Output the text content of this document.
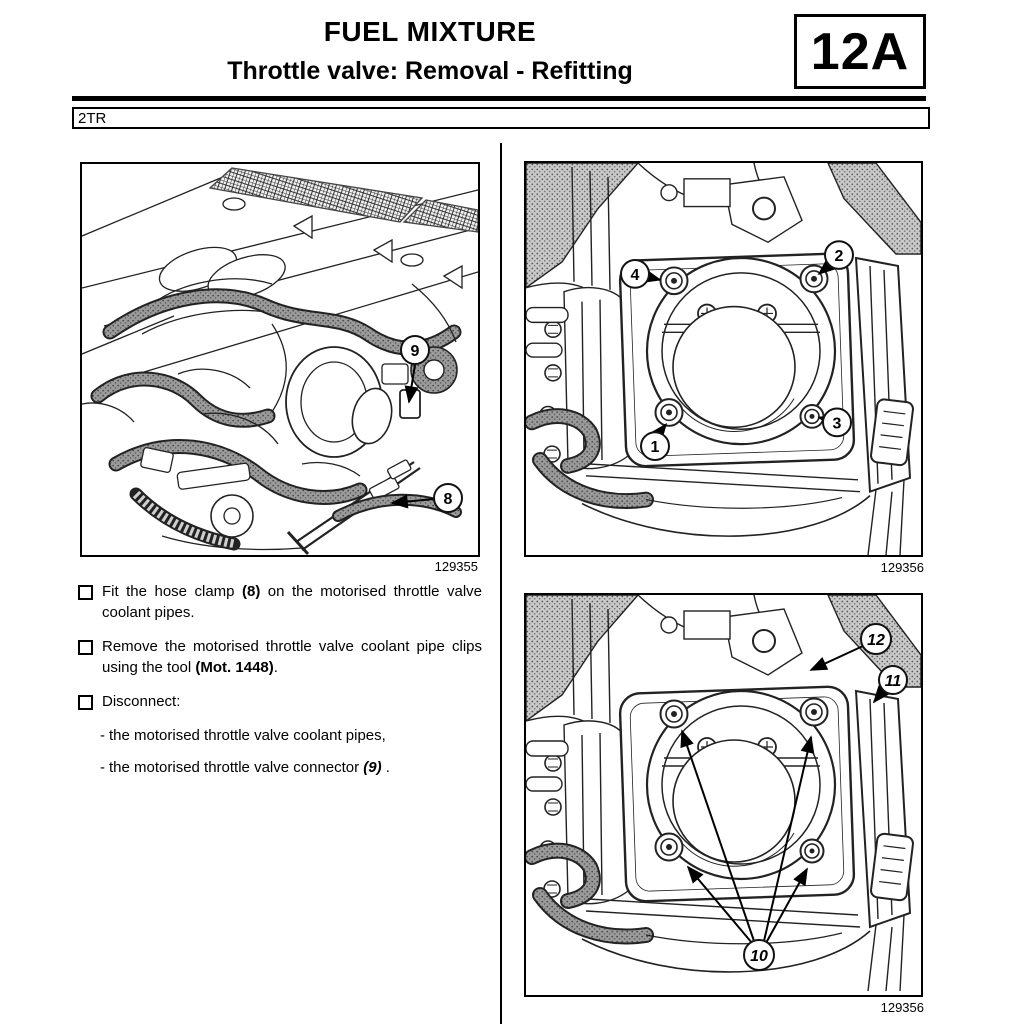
FUEL MIXTURE
Throttle valve: Removal - Refitting	12A
2TR
9
8
129355
4
2
3
1
129356
12
11
10
129356
Fit the hose clamp (8) on the motorised throttle valve coolant pipes.
Remove the motorised throttle valve coolant pipe clips using the tool (Mot. 1448).
Disconnect:
- the motorised throttle valve coolant pipes,
- the motorised throttle valve connector (9) .
